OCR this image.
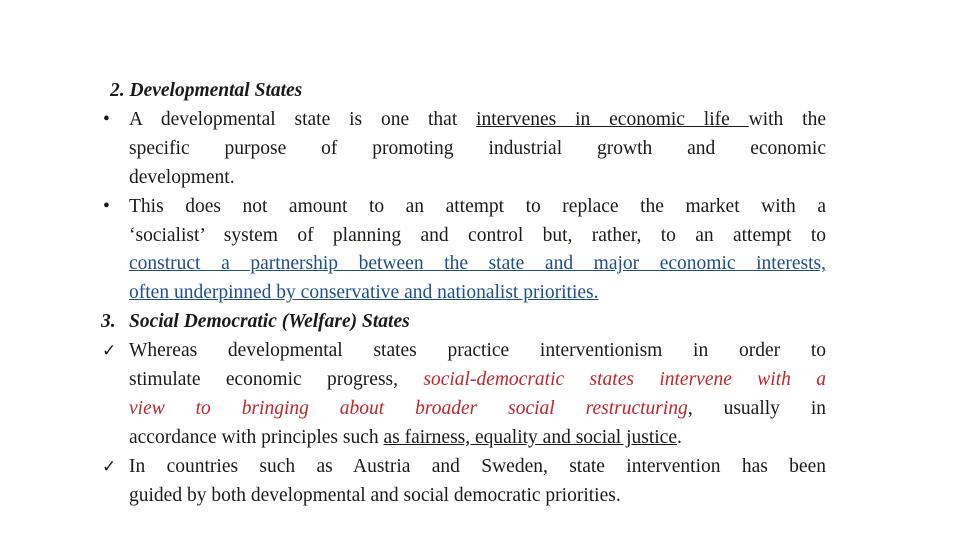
2. Developmental States
• A developmental state is one that intervenes in economic life with the
specific purpose of promoting industrial growth and economic
development.
• This does not amount to an attempt to replace the market with a
‘socialist’ system of planning and control but, rather, to an attempt to
construct a partnership between the state and major economic interests,
often underpinned by conservative and nationalist priorities.
3. Social Democratic (Welfare) States
✓ Whereas developmental states practice interventionism in order to
stimulate economic progress, social-democratic states intervene with a
view to bringing about broader social restructuring, usually in
accordance with principles such as fairness, equality and social justice.
✓ In countries such as Austria and Sweden, state intervention has been
guided by both developmental and social democratic priorities.
